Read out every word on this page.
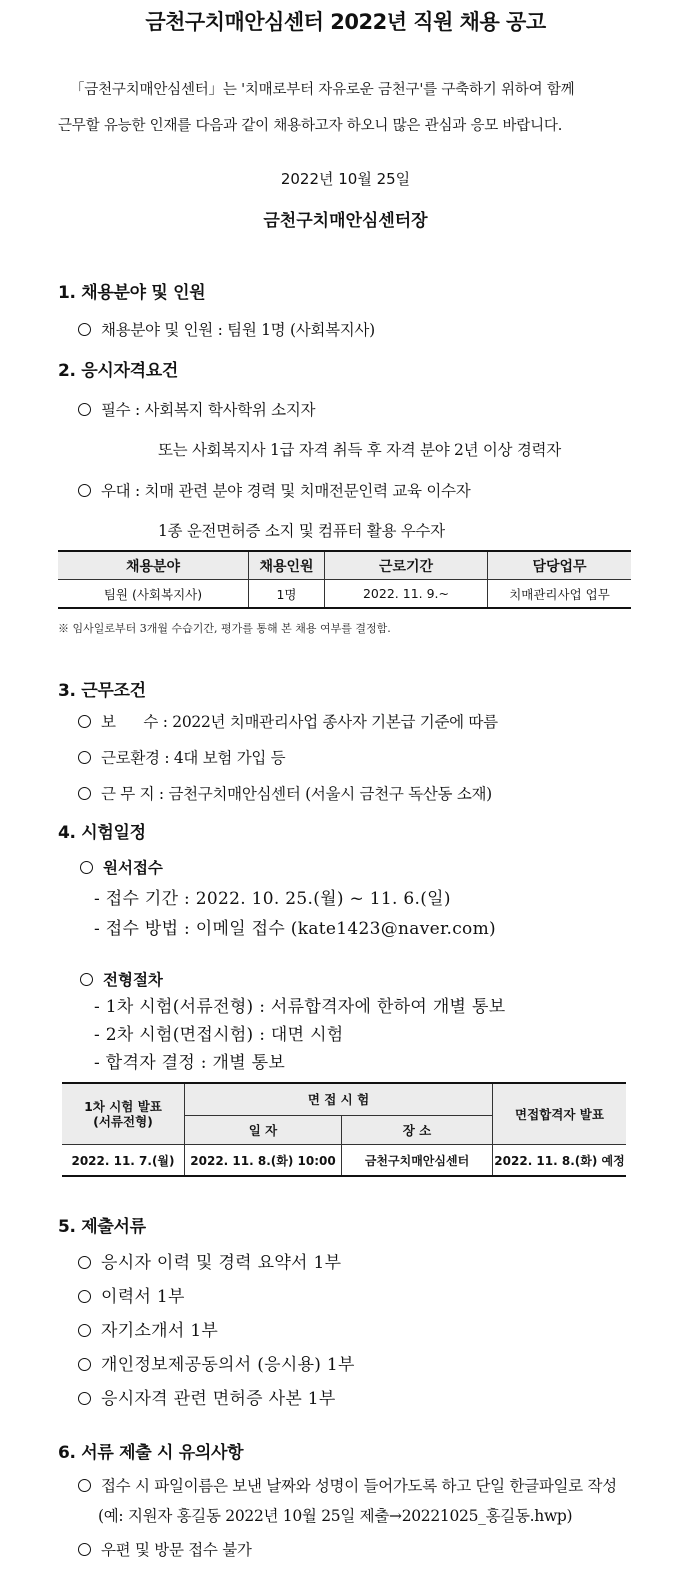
금천구치매안심센터 2022년 직원 채용 공고
「금천구치매안심센터」는 '치매로부터 자유로운 금천구'를 구축하기 위하여 함께
근무할 유능한 인재를 다음과 같이 채용하고자 하오니 많은 관심과 응모 바랍니다.
2022년 10월 25일
금천구치매안심센터장
1. 채용분야 및 인원
채용분야 및 인원 : 팀원 1명 (사회복지사)
2. 응시자격요건
필수 : 사회복지 학사학위 소지자
또는 사회복지사 1급 자격 취득 후 자격 분야 2년 이상 경력자
우대 : 치매 관련 분야 경력 및 치매전문인력 교육 이수자
1종 운전면허증 소지 및 컴퓨터 활용 우수자
채용분야	채용인원	근로기간	담당업무
팀원 (사회복지사)	1명	2022. 11. 9.~	치매관리사업 업무
※ 임사일로부터 3개월 수습기간, 평가를 통해 본 채용 여부를 결정함.
3. 근무조건
보      수 : 2022년 치매관리사업 종사자 기본급 기준에 따름
근로환경 : 4대 보험 가입 등
근 무 지 : 금천구치매안심센터 (서울시 금천구 독산동 소재)
4. 시험일정
원서접수
- 접수 기간 : 2022. 10. 25.(월) ~ 11. 6.(일)
- 접수 방법 : 이메일 접수 (kate1423@naver.com)
전형절차
- 1차 시험(서류전형) : 서류합격자에 한하여 개별 통보
- 2차 시험(면접시험) : 대면 시험
- 합격자 결정 : 개별 통보
1차 시험 발표
(서류전형)	면 접 시 험		면접합격자 발표
	일 자	장 소	
2022. 11. 7.(월)	2022. 11. 8.(화) 10:00	금천구치매안심센터	2022. 11. 8.(화) 예정
5. 제출서류
응시자 이력 및 경력 요약서 1부
이력서 1부
자기소개서 1부
개인정보제공동의서 (응시용) 1부
응시자격 관련 면허증 사본 1부
6. 서류 제출 시 유의사항
접수 시 파일이름은 보낸 날짜와 성명이 들어가도록 하고 단일 한글파일로 작성
(예: 지원자 홍길동 2022년 10월 25일 제출→20221025_홍길동.hwp)
우편 및 방문 접수 불가
